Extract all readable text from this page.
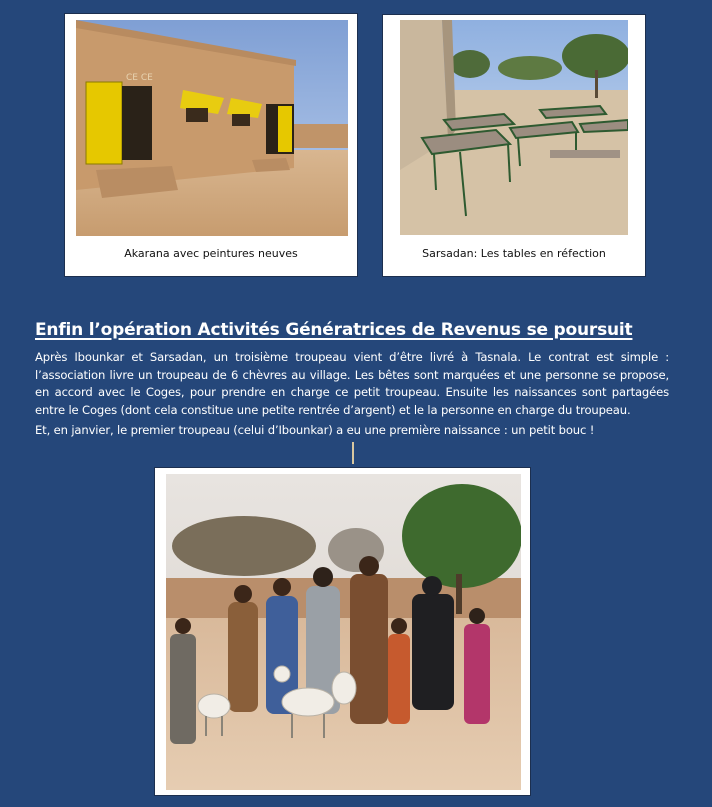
CE CE
Akarana avec peintures neuves	Sarsadan: Les tables en réfection
Enfin l’opération Activités Génératrices de Revenus se poursuit

Après Ibounkar et Sarsadan, un troisième troupeau vient d’être livré à Tasnala. Le contrat est simple : l’association livre un troupeau de 6 chèvres au village. Les bêtes sont marquées et une personne se propose, en accord avec le Coges, pour prendre en charge ce petit troupeau. Ensuite les naissances sont partagées entre le Coges (dont cela constitue une petite rentrée d’argent) et le la personne en charge du troupeau.

Et, en janvier, le premier troupeau (celui d’Ibounkar) a eu une première naissance : un petit bouc !
